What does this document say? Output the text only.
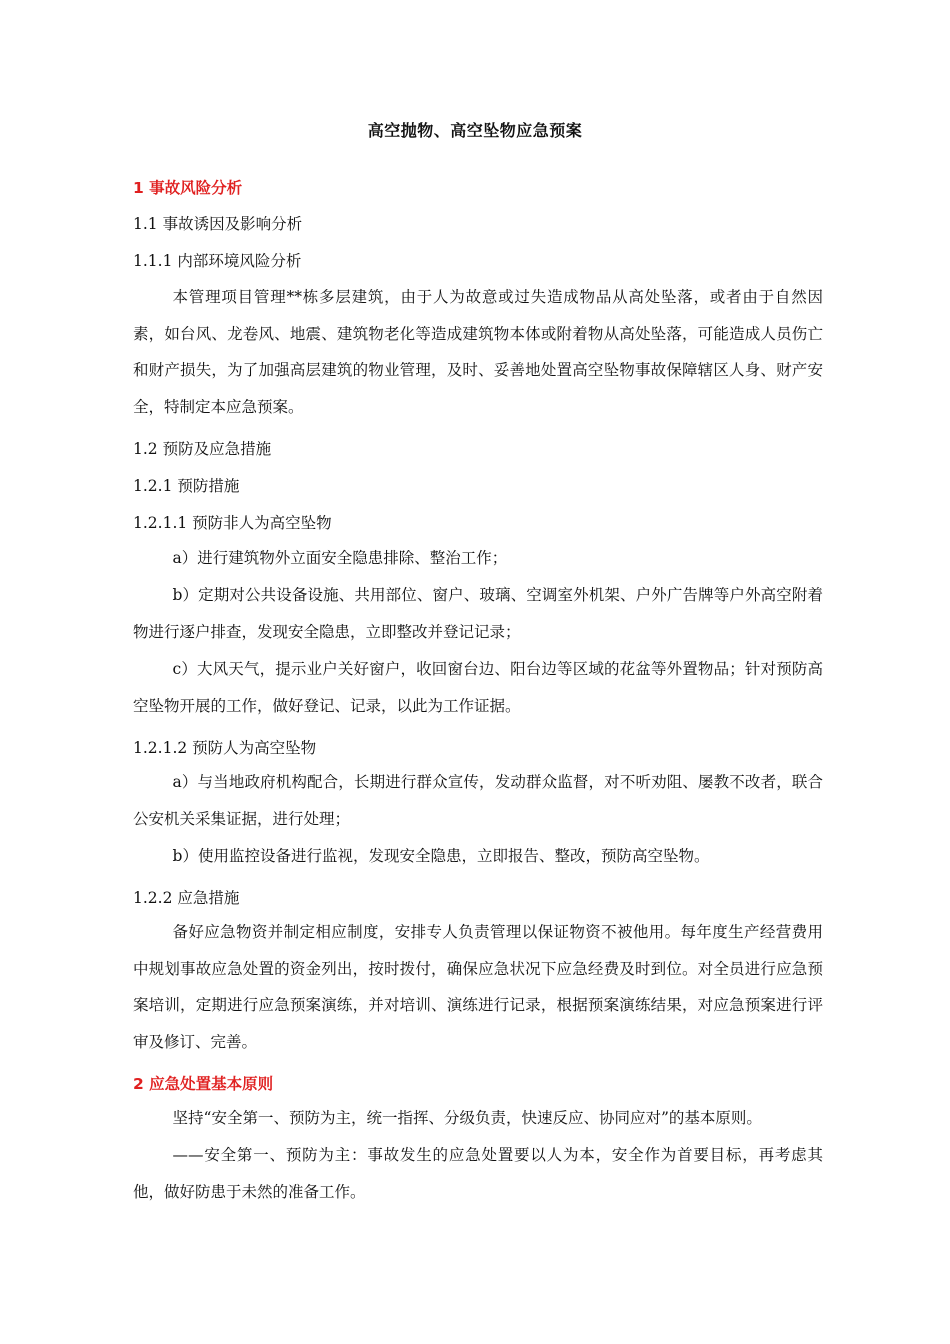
高空抛物、高空坠物应急预案
1 事故风险分析
1.1 事故诱因及影响分析
1.1.1 内部环境风险分析
本管理项目管理**栋多层建筑，由于人为故意或过失造成物品从高处坠落，或者由于自然因素，如台风、龙卷风、地震、建筑物老化等造成建筑物本体或附着物从高处坠落，可能造成人员伤亡和财产损失，为了加强高层建筑的物业管理，及时、妥善地处置高空坠物事故保障辖区人身、财产安全，特制定本应急预案。
1.2 预防及应急措施
1.2.1 预防措施
1.2.1.1 预防非人为高空坠物
a）进行建筑物外立面安全隐患排除、整治工作；
b）定期对公共设备设施、共用部位、窗户、玻璃、空调室外机架、户外广告牌等户外高空附着物进行逐户排查，发现安全隐患，立即整改并登记记录；
c）大风天气，提示业户关好窗户，收回窗台边、阳台边等区域的花盆等外置物品；针对预防高空坠物开展的工作，做好登记、记录，以此为工作证据。
1.2.1.2 预防人为高空坠物
a）与当地政府机构配合，长期进行群众宣传，发动群众监督，对不听劝阻、屡教不改者，联合公安机关采集证据，进行处理；
b）使用监控设备进行监视，发现安全隐患，立即报告、整改，预防高空坠物。
1.2.2 应急措施
备好应急物资并制定相应制度，安排专人负责管理以保证物资不被他用。每年度生产经营费用中规划事故应急处置的资金列出，按时拨付，确保应急状况下应急经费及时到位。对全员进行应急预案培训，定期进行应急预案演练，并对培训、演练进行记录，根据预案演练结果，对应急预案进行评审及修订、完善。
2 应急处置基本原则
坚持“安全第一、预防为主，统一指挥、分级负责，快速反应、协同应对”的基本原则。
——安全第一、预防为主：事故发生的应急处置要以人为本，安全作为首要目标，再考虑其他，做好防患于未然的准备工作。
